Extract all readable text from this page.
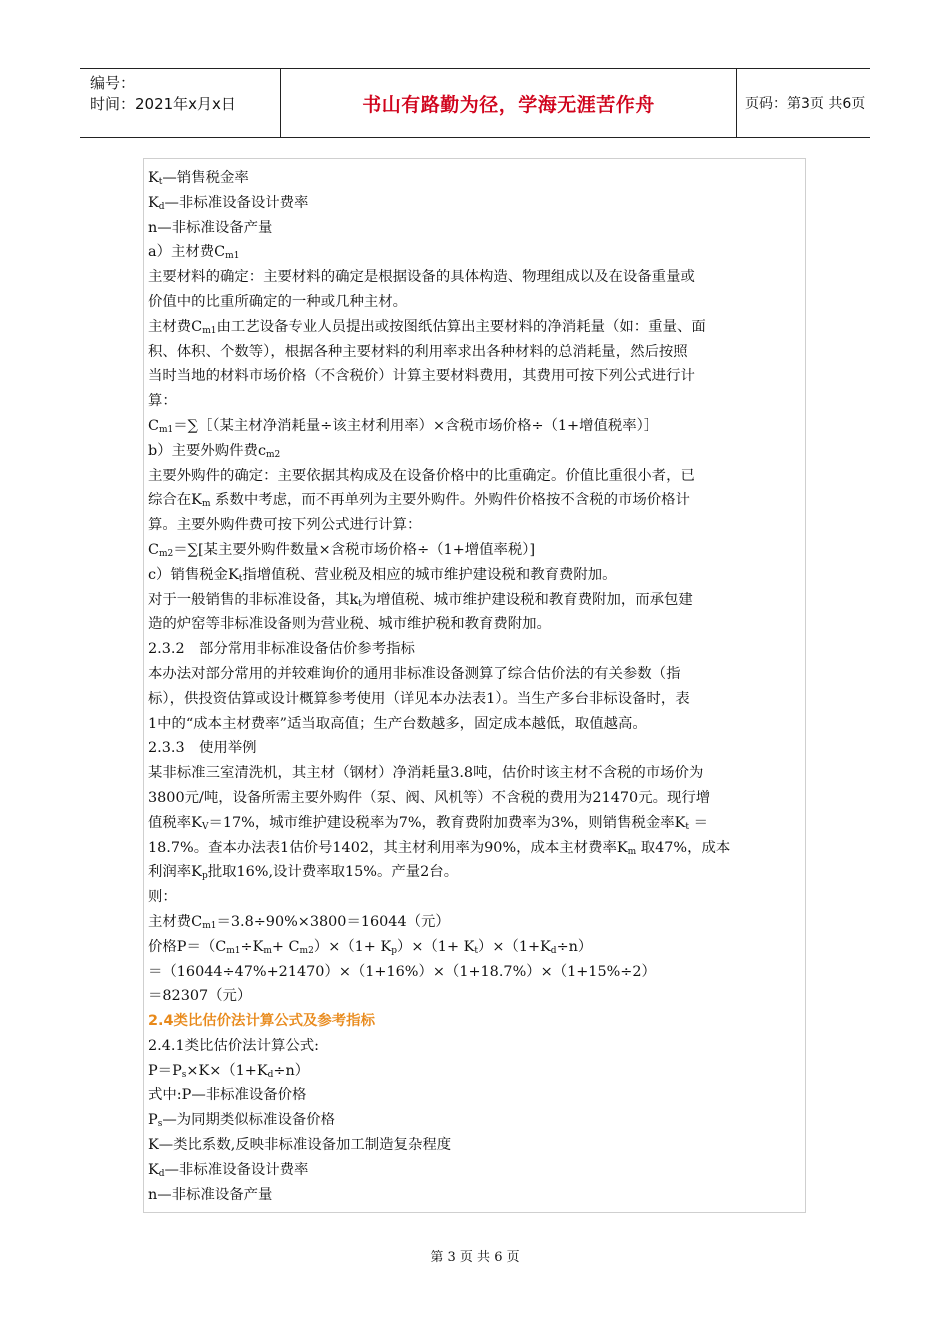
编号：
时间：2021年x月x日	书山有路勤为径，学海无涯苦作舟	页码：第3页 共6页
$K_t—$销售税金率
$K_d—$非标准设备设计费率
n—非标准设备产量
a）主材费$C_{m1}$
主要材料的确定：主要材料的确定是根据设备的具体构造、物理组成以及在设备重量或
价值中的比重所确定的一种或几种主材。
主材费$C_{m1}$由工艺设备专业人员提出或按图纸估算出主要材料的净消耗量（如：重量、面
积、体积、个数等），根据各种主要材料的利用率求出各种材料的总消耗量，然后按照
当时当地的材料市场价格（不含税价）计算主要材料费用，其费用可按下列公式进行计
算：
$C_{m1}=\sum[$（某主材净消耗量÷该主材利用率）×含税市场价格÷（1+增值税率）］
b）主要外购件费$c_{m2}$
主要外购件的确定：主要依据其构成及在设备价格中的比重确定。价值比重很小者，已
综合在$K_m$ 系数中考虑，而不再单列为主要外购件。外购件价格按不含税的市场价格计
算。主要外购件费可按下列公式进行计算：
$C_{m2}=\sum$[某主要外购件数量×含税市场价格÷（1+增值率税）]
c）销售税金$K_t$指增值税、营业税及相应的城市维护建设税和教育费附加。
对于一般销售的非标准设备，其$k_t$为增值税、城市维护建设税和教育费附加，而承包建
造的炉窑等非标准设备则为营业税、城市维护税和教育费附加。
2.3.2　部分常用非标准设备估价参考指标
本办法对部分常用的并较难询价的通用非标准设备测算了综合估价法的有关参数（指
标），供投资估算或设计概算参考使用（详见本办法表1）。当生产多台非标设备时，表
1中的“成本主材费率”适当取高值；生产台数越多，固定成本越低，取值越高。
2.3.3　使用举例
某非标准三室清洗机，其主材（钢材）净消耗量3.8吨，估价时该主材不含税的市场价为
3800元/吨，设备所需主要外购件（泵、阀、风机等）不含税的费用为21470元。现行增
值税率$K_V=17\%$，城市维护建设税率为7%，教育费附加费率为3%，则销售税金率$K_t$ ＝
18.7%。查本办法表1估价号1402，其主材利用率为90%，成本主材费率$K_m$ 取47%，成本
利润率$K_p$批取16%,设计费率取15%。产量2台。
则：
主材费$C_{m1}=3.8\div 90\%\times 3800=16044$（元）
价格$P=(C_{m1}\div K_m+ C_{m2})\times(1+ K_p)\times(1+ K_t)\times(1+K_d\div n)$
＝（16044÷47%+21470）×（1+16%）×（1+18.7%）×（1+15%÷2）
＝82307（元）
2.4类比估价法计算公式及参考指标
2.4.1类比估价法计算公式:
$P=P_s\times K\times(1+K_d\div n)$
式中:P—非标准设备价格
$P_s—$为同期类似标准设备价格
K—类比系数,反映非标准设备加工制造复杂程度
$K_d—$非标准设备设计费率
n—非标准设备产量
第 3 页 共 6 页
